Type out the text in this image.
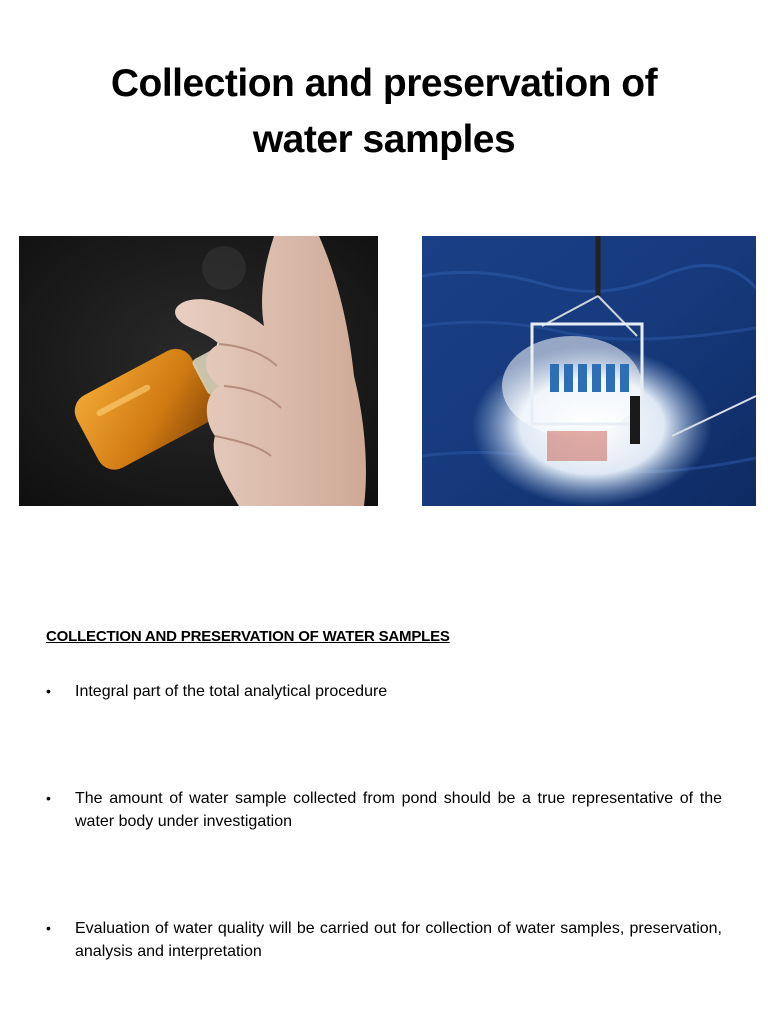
Collection and preservation of water samples

COLLECTION AND PRESERVATION OF WATER SAMPLES

•	Integral part of the total analytical procedure
•	The amount of water sample collected from pond should be a true representative of the water body under investigation
•	Evaluation of water quality will be carried out for collection of water samples, preservation, analysis and interpretation
